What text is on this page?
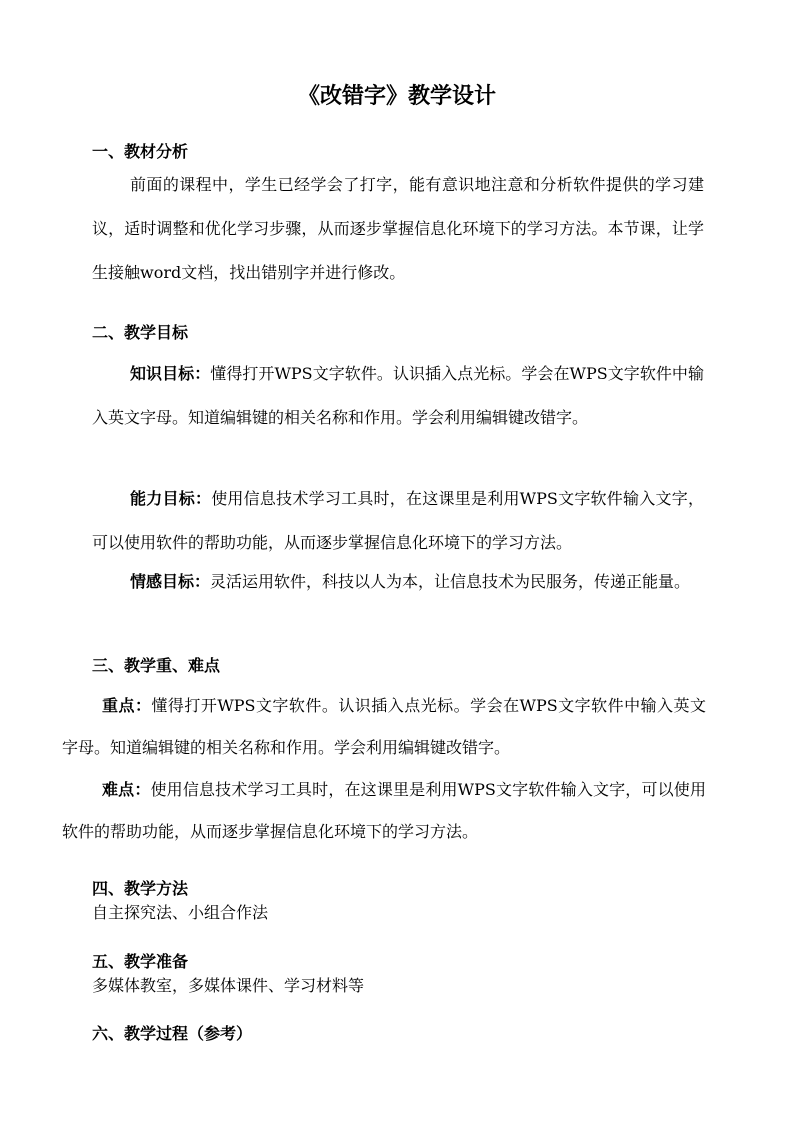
《改错字》教学设计
一、教材分析

前面的课程中，学生已经学会了打字，能有意识地注意和分析软件提供的学习建议，适时调整和优化学习步骤，从而逐步掌握信息化环境下的学习方法。本节课，让学生接触word文档，找出错别字并进行修改。

二、教学目标

知识目标：懂得打开WPS文字软件。认识插入点光标。学会在WPS文字软件中输入英文字母。知道编辑键的相关名称和作用。学会利用编辑键改错字。

能力目标：使用信息技术学习工具时，在这课里是利用WPS文字软件输入文字，可以使用软件的帮助功能，从而逐步掌握信息化环境下的学习方法。

情感目标：灵活运用软件，科技以人为本，让信息技术为民服务，传递正能量。

三、教学重、难点

重点：懂得打开WPS文字软件。认识插入点光标。学会在WPS文字软件中输入英文字母。知道编辑键的相关名称和作用。学会利用编辑键改错字。

难点：使用信息技术学习工具时，在这课里是利用WPS文字软件输入文字，可以使用软件的帮助功能，从而逐步掌握信息化环境下的学习方法。

四、教学方法
自主探究法、小组合作法
五、教学准备
多媒体教室，多媒体课件、学习材料等
六、教学过程（参考）
